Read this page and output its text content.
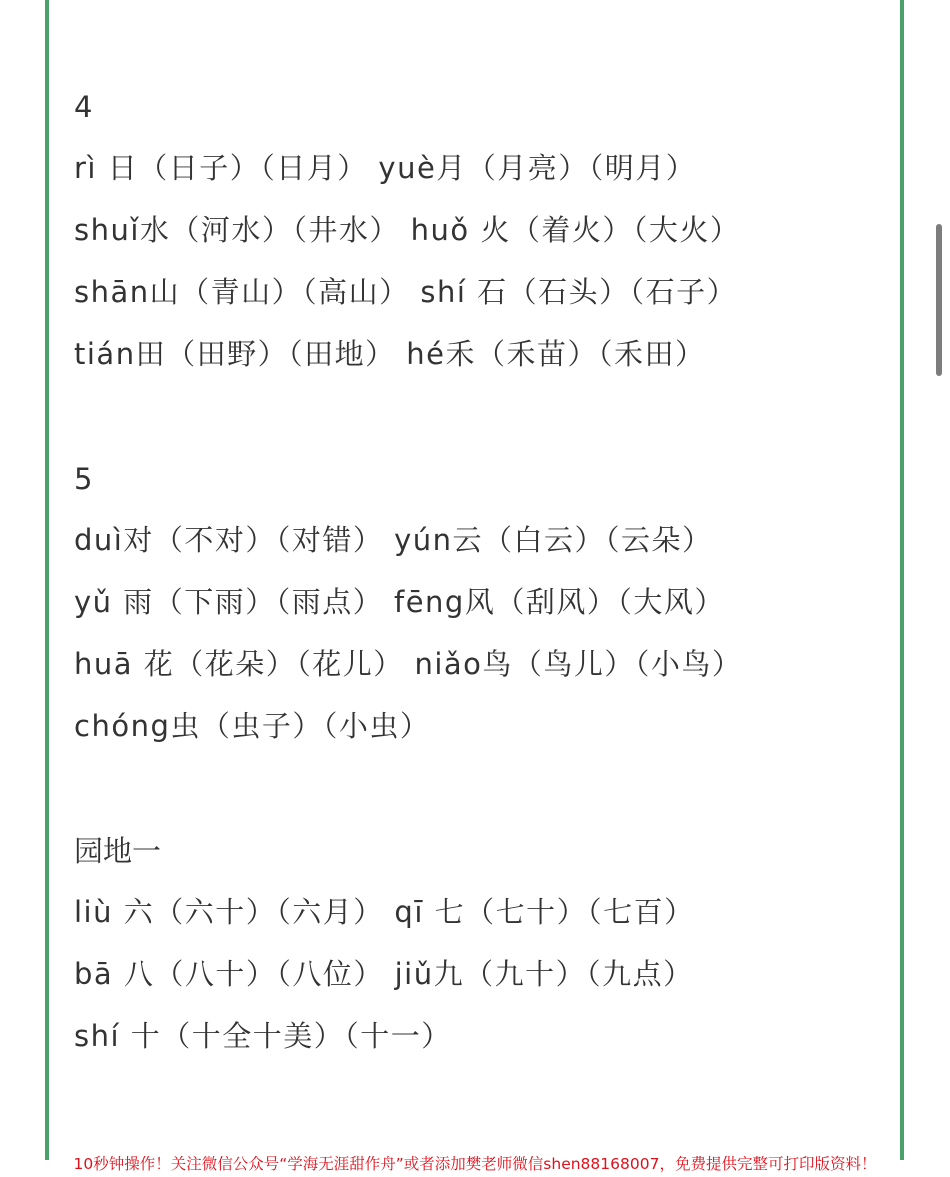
4
rì 日（日子）（日月） yuè月（月亮）（明月）
shuǐ水（河水）（井水） huǒ 火（着火）（大火）
shān山（青山）（高山） shí 石（石头）（石子）
tián田（田野）（田地） hé禾（禾苗）（禾田）
5
duì对（不对）（对错） yún云（白云）（云朵）
yǔ 雨（下雨）（雨点） fēng风（刮风）（大风）
huā 花（花朵）（花儿） niǎo鸟（鸟儿）（小鸟）
chóng虫（虫子）（小虫）
园地一
liù 六（六十）（六月） qī 七（七十）（七百）
bā 八（八十）（八位） jiǔ九（九十）（九点）
shí 十（十全十美）（十一）
10秒钟操作！关注微信公众号“学海无涯甜作舟”或者添加樊老师微信shen88168007，免费提供完整可打印版资料！
